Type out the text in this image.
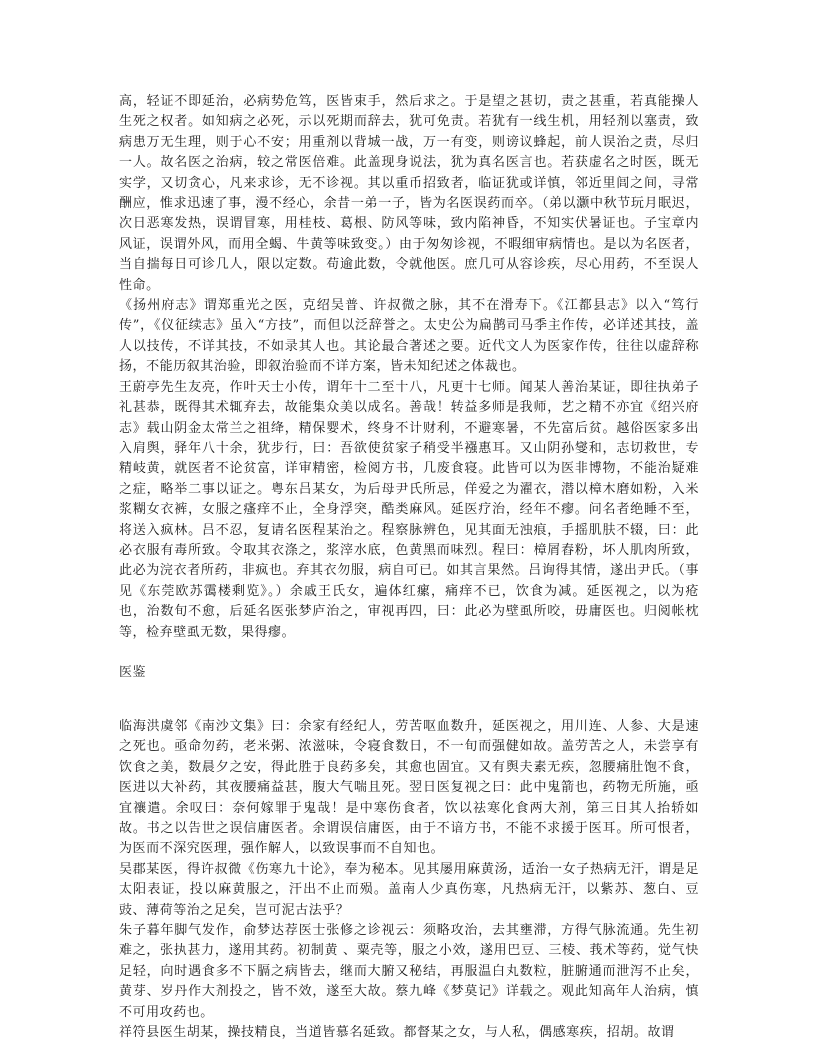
高，轻证不即延治，必病势危笃，医皆束手，然后求之。于是望之甚切，责之甚重，若真能操人生死之权者。如知病之必死，示以死期而辞去，犹可免责。若犹有一线生机，用轻剂以塞责，致病患万无生理，则于心不安；用重剂以背城一战，万一有变，则谤议蜂起，前人误治之责，尽归一人。故名医之治病，较之常医倍难。此盖现身说法，犹为真名医言也。若获虚名之时医，既无实学，又切贪心，凡来求诊，无不诊视。其以重币招致者，临证犹或详慎，邻近里闾之间，寻常酬应，惟求迅速了事，漫不经心，余昔一弟一子，皆为名医误药而卒。（弟以灏中秋节玩月眠迟，次日恶寒发热，误谓冒寒，用桂枝、葛根、防风等味，致内陷神昏，不知实伏暑证也。子宝章内风证，误谓外风，而用全蝎、牛黄等味致变。）由于匆匆诊视，不暇细审病情也。是以为名医者，当自揣每日可诊几人，限以定数。苟逾此数，令就他医。庶几可从容诊疾，尽心用药，不至误人性命。

《扬州府志》谓郑重光之医，克绍吴普、许叔微之脉，其不在滑寿下。《江都县志》以入“笃行传”，《仪征续志》虽入“方技”，而但以泛辞誉之。太史公为扁鹊司马季主作传，必详述其技，盖人以技传，不详其技，不如录其人也。其论最合著述之要。近代文人为医家作传，往往以虚辞称扬，不能历叙其治验，即叙治验而不详方案，皆未知纪述之体裁也。

王蔚亭先生友亮，作叶天士小传，谓年十二至十八，凡更十七师。闻某人善治某证，即往执弟子礼甚恭，既得其术辄弃去，故能集众美以成名。善哉！转益多师是我师，艺之精不亦宜《绍兴府志》载山阴金太常兰之祖绛，精保婴术，终身不计财利，不避寒暑，不先富后贫。越俗医家多出入肩舆，驿年八十余，犹步行，曰：吾欲使贫家子稍受半襁惠耳。又山阴孙燮和，志切救世，专精岐黄，就医者不论贫富，详审精密，检阅方书，几废食寝。此皆可以为医非博物，不能治疑难之症，略举二事以证之。粤东吕某女，为后母尹氏所忌，佯爱之为濯衣，潜以樟木磨如粉，入米浆糊女衣裤，女服之瘙痒不止，全身浮突，酷类麻风。延医疗治，经年不瘳。问名者绝睡不至，将送入疯林。吕不忍，复请名医程某治之。程察脉辨色，见其面无浊痕，手摇肌肤不辍，曰：此必衣服有毒所致。令取其衣涤之，浆滓水底，色黄黑而味烈。程曰：樟屑舂粉，坏人肌肉所致，此必为浣衣者所药，非疯也。弃其衣勿服，病自可已。如其言果然。吕询得其情，遂出尹氏。（事见《东莞欧苏霭楼剩览》。）余戚王氏女，遍体红瘰，痛痒不已，饮食为减。延医视之，以为疮也，治数旬不愈，后延名医张梦庐治之，审视再四，曰：此必为壁虱所咬，毋庸医也。归阅帐枕等，检弃壁虱无数，果得瘳。

医鉴

临海洪虞邻《南沙文集》曰：余家有经纪人，劳苦呕血数升，延医视之，用川连、人参、大是速之死也。亟命勿药，老米粥、浓滋味，令寝食数日，不一旬而强健如故。盖劳苦之人，未尝享有饮食之美，数晨夕之安，得此胜于良药多矣，其愈也固宜。又有舆夫素无疾，忽腰痛肚饱不食，医进以大补药，其夜腰痛益甚，腹大气喘且死。翌日医复视之曰：此中鬼箭也，药物无所施，亟宜禳遣。余叹曰：奈何嫁罪于鬼哉！是中寒伤食者，饮以祛寒化食两大剂，第三日其人抬轿如故。书之以告世之误信庸医者。余谓误信庸医，由于不谙方书，不能不求援于医耳。所可恨者，为医而不深究医理，强作解人，以致误事而不自知也。

吴郡某医，得许叔微《伤寒九十论》，奉为秘本。见其屡用麻黄汤，适治一女子热病无汗，谓是足太阳表证，投以麻黄服之，汗出不止而殒。盖南人少真伤寒，凡热病无汗，以紫苏、葱白、豆豉、薄荷等治之足矣，岂可泥古法乎？

朱子暮年脚气发作，俞梦达荐医士张修之诊视云：须略攻治，去其壅滞，方得气脉流通。先生初难之，张执甚力，遂用其药。初制黄 、粟壳等，服之小效，遂用巴豆、三棱、莪术等药，觉气快足轻，向时遇食多不下膈之病皆去，继而大腑又秘结，再服温白丸数粒，脏腑通而泄泻不止矣，黄芽、岁丹作大剂投之，皆不效，遂至大故。蔡九峰《梦莫记》详载之。观此知高年人治病，慎不可用攻药也。

祥符县医生胡某，操技精良，当道皆慕名延致。都督某之女，与人私，偶感寒疾，招胡。故谓
